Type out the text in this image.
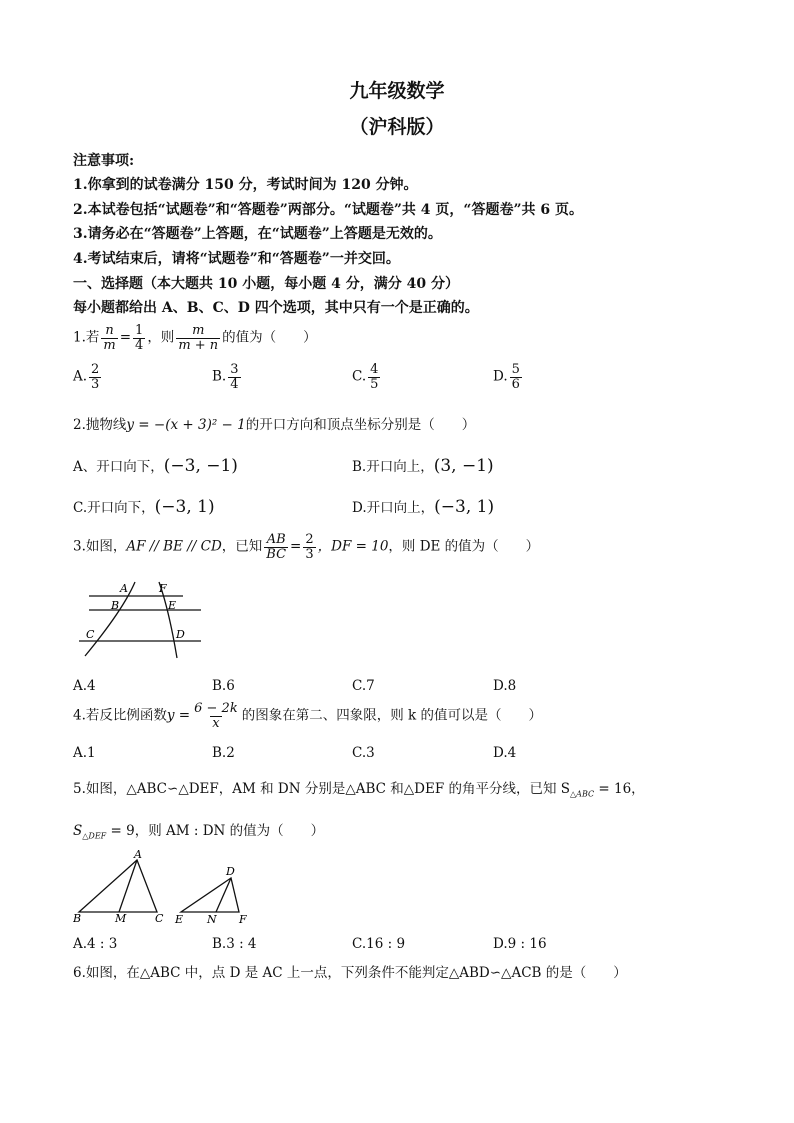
九年级数学
（沪科版）
注意事项:
1.你拿到的试卷满分 150 分，考试时间为 120 分钟。
2.本试卷包括“试题卷”和“答题卷”两部分。“试题卷”共 4 页，“答题卷”共 6 页。
3.请务必在“答题卷”上答题，在“试题卷”上答题是无效的。
4.考试结束后，请将“试题卷”和“答题卷”一并交回。
一、选择题（本大题共 10 小题，每小题 4 分，满分 40 分）
每小题都给出 A、B、C、D 四个选项，其中只有一个是正确的。
1.若 $\frac{n}{m} = \frac{1}{4}$ ，则 $\frac{m}{m + n}$ 的值为（　　）
A. $\frac{2}{3}$	B. $\frac{3}{4}$	C. $\frac{4}{5}$	D. $\frac{5}{6}$
2.抛物线y = −(x + 3)² − 1的开口方向和顶点坐标分别是（　　）
A、开口向下，(−3, −1)	B.开口向上，(3, −1)
C.开口向下，(−3, 1)	D.开口向上，(−3, 1)
3.如图，AF // BE // CD，已知 $\frac{AB}{BC} = \frac{2}{3}$ ，DF = 10，则 DE 的值为（　　）
A	F
B	E
C	D
A.4	B.6	C.7	D.8
4.若反比例函数$y = \frac{6 - 2k}{x}$ 的图象在第二、四象限，则 k 的值可以是（　　）
A.1	B.2	C.3	D.4
5.如图，△ABC∽△DEF，AM 和 DN 分别是△ABC 和△DEF 的角平分线，已知 $S_{\triangle ABC} = 16$，
$S_{\triangle DEF} = 9$，则 AM : DN 的值为（　　）
A
B	M	C
D
E N F
A.4 : 3	B.3 : 4	C.16 : 9	D.9 : 16
6.如图，在△ABC 中，点 D 是 AC 上一点，下列条件不能判定△ABD∽△ACB 的是（　　）
